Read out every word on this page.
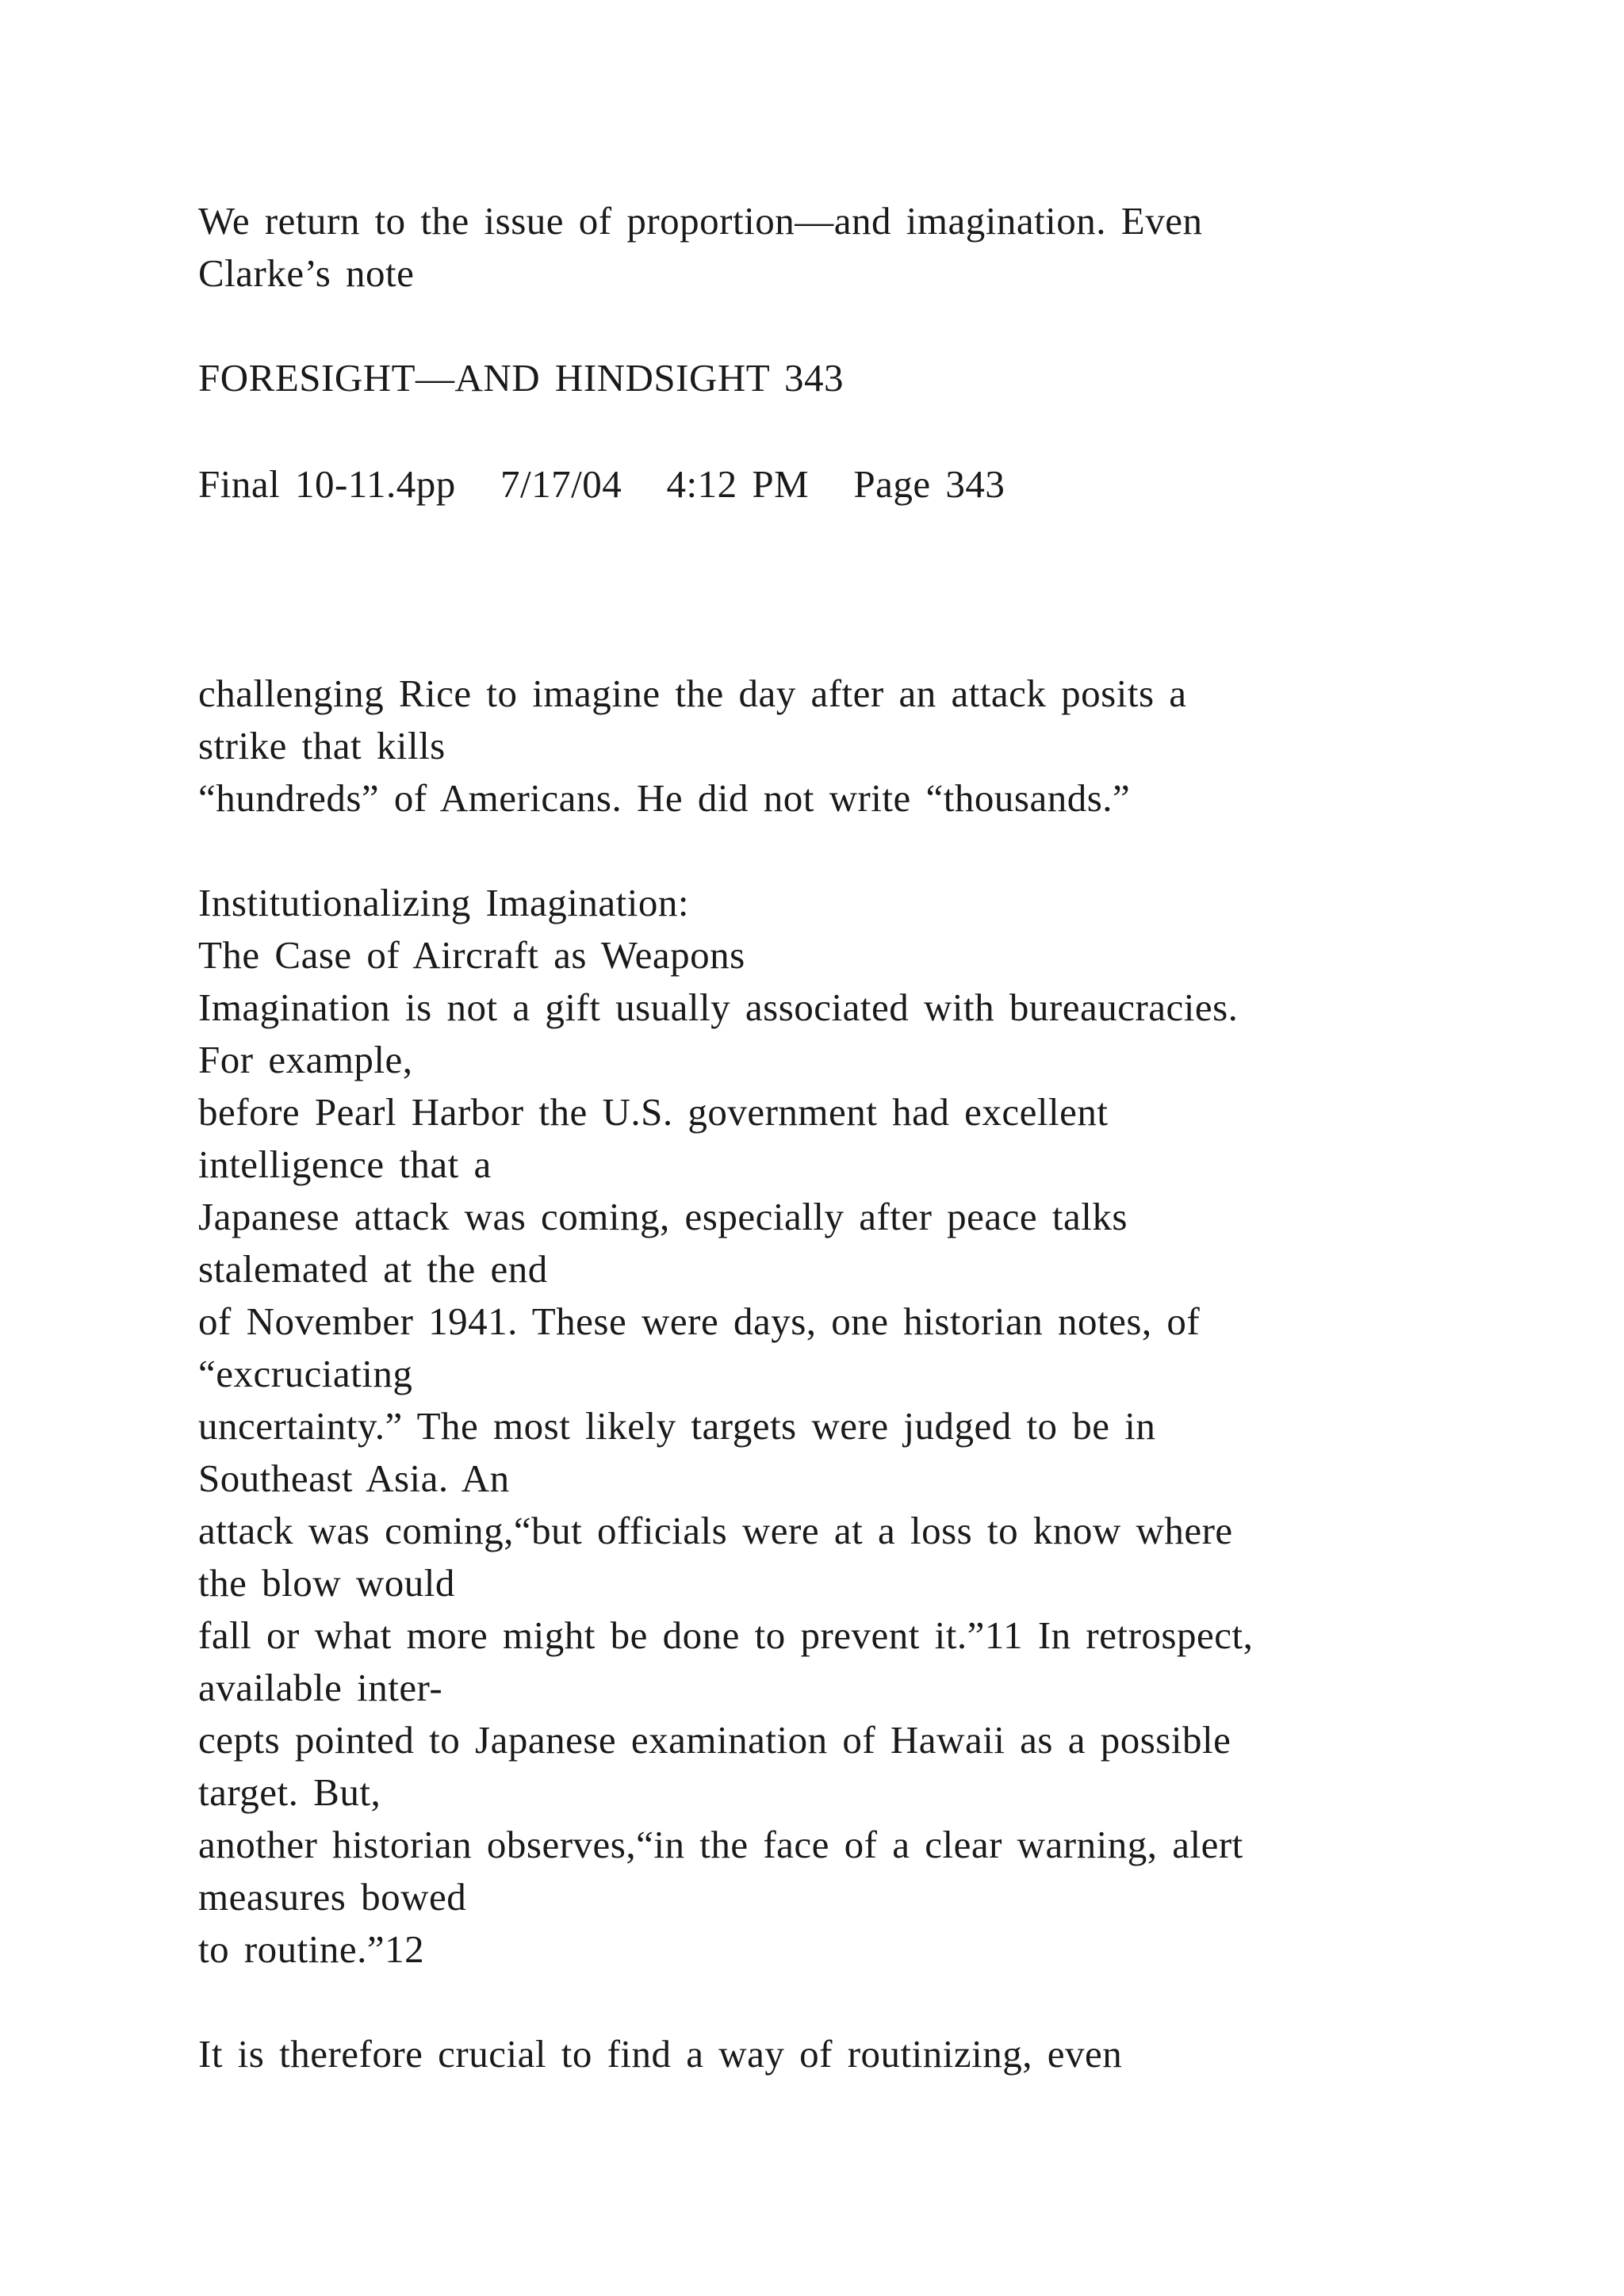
We return to the issue of proportion—and imagination. Even

Clarke’s note

FORESIGHT—AND HINDSIGHT 343

Final 10-11.4pp   7/17/04   4:12 PM   Page 343

challenging Rice to imagine the day after an attack posits a

strike that kills

“hundreds” of Americans. He did not write “thousands.”

Institutionalizing Imagination:

The Case of Aircraft as Weapons

Imagination is not a gift usually associated with bureaucracies.

For example,

before Pearl Harbor the U.S. government had excellent

intelligence that a

Japanese attack was coming, especially after peace talks

stalemated at the end

of November 1941. These were days, one historian notes, of

“excruciating

uncertainty.” The most likely targets were judged to be in

Southeast Asia. An

attack was coming,“but officials were at a loss to know where

the blow would

fall or what more might be done to prevent it.”11 In retrospect,

available inter-

cepts pointed to Japanese examination of Hawaii as a possible

target. But,

another historian observes,“in the face of a clear warning, alert

measures bowed

to routine.”12

It is therefore crucial to find a way of routinizing, even
